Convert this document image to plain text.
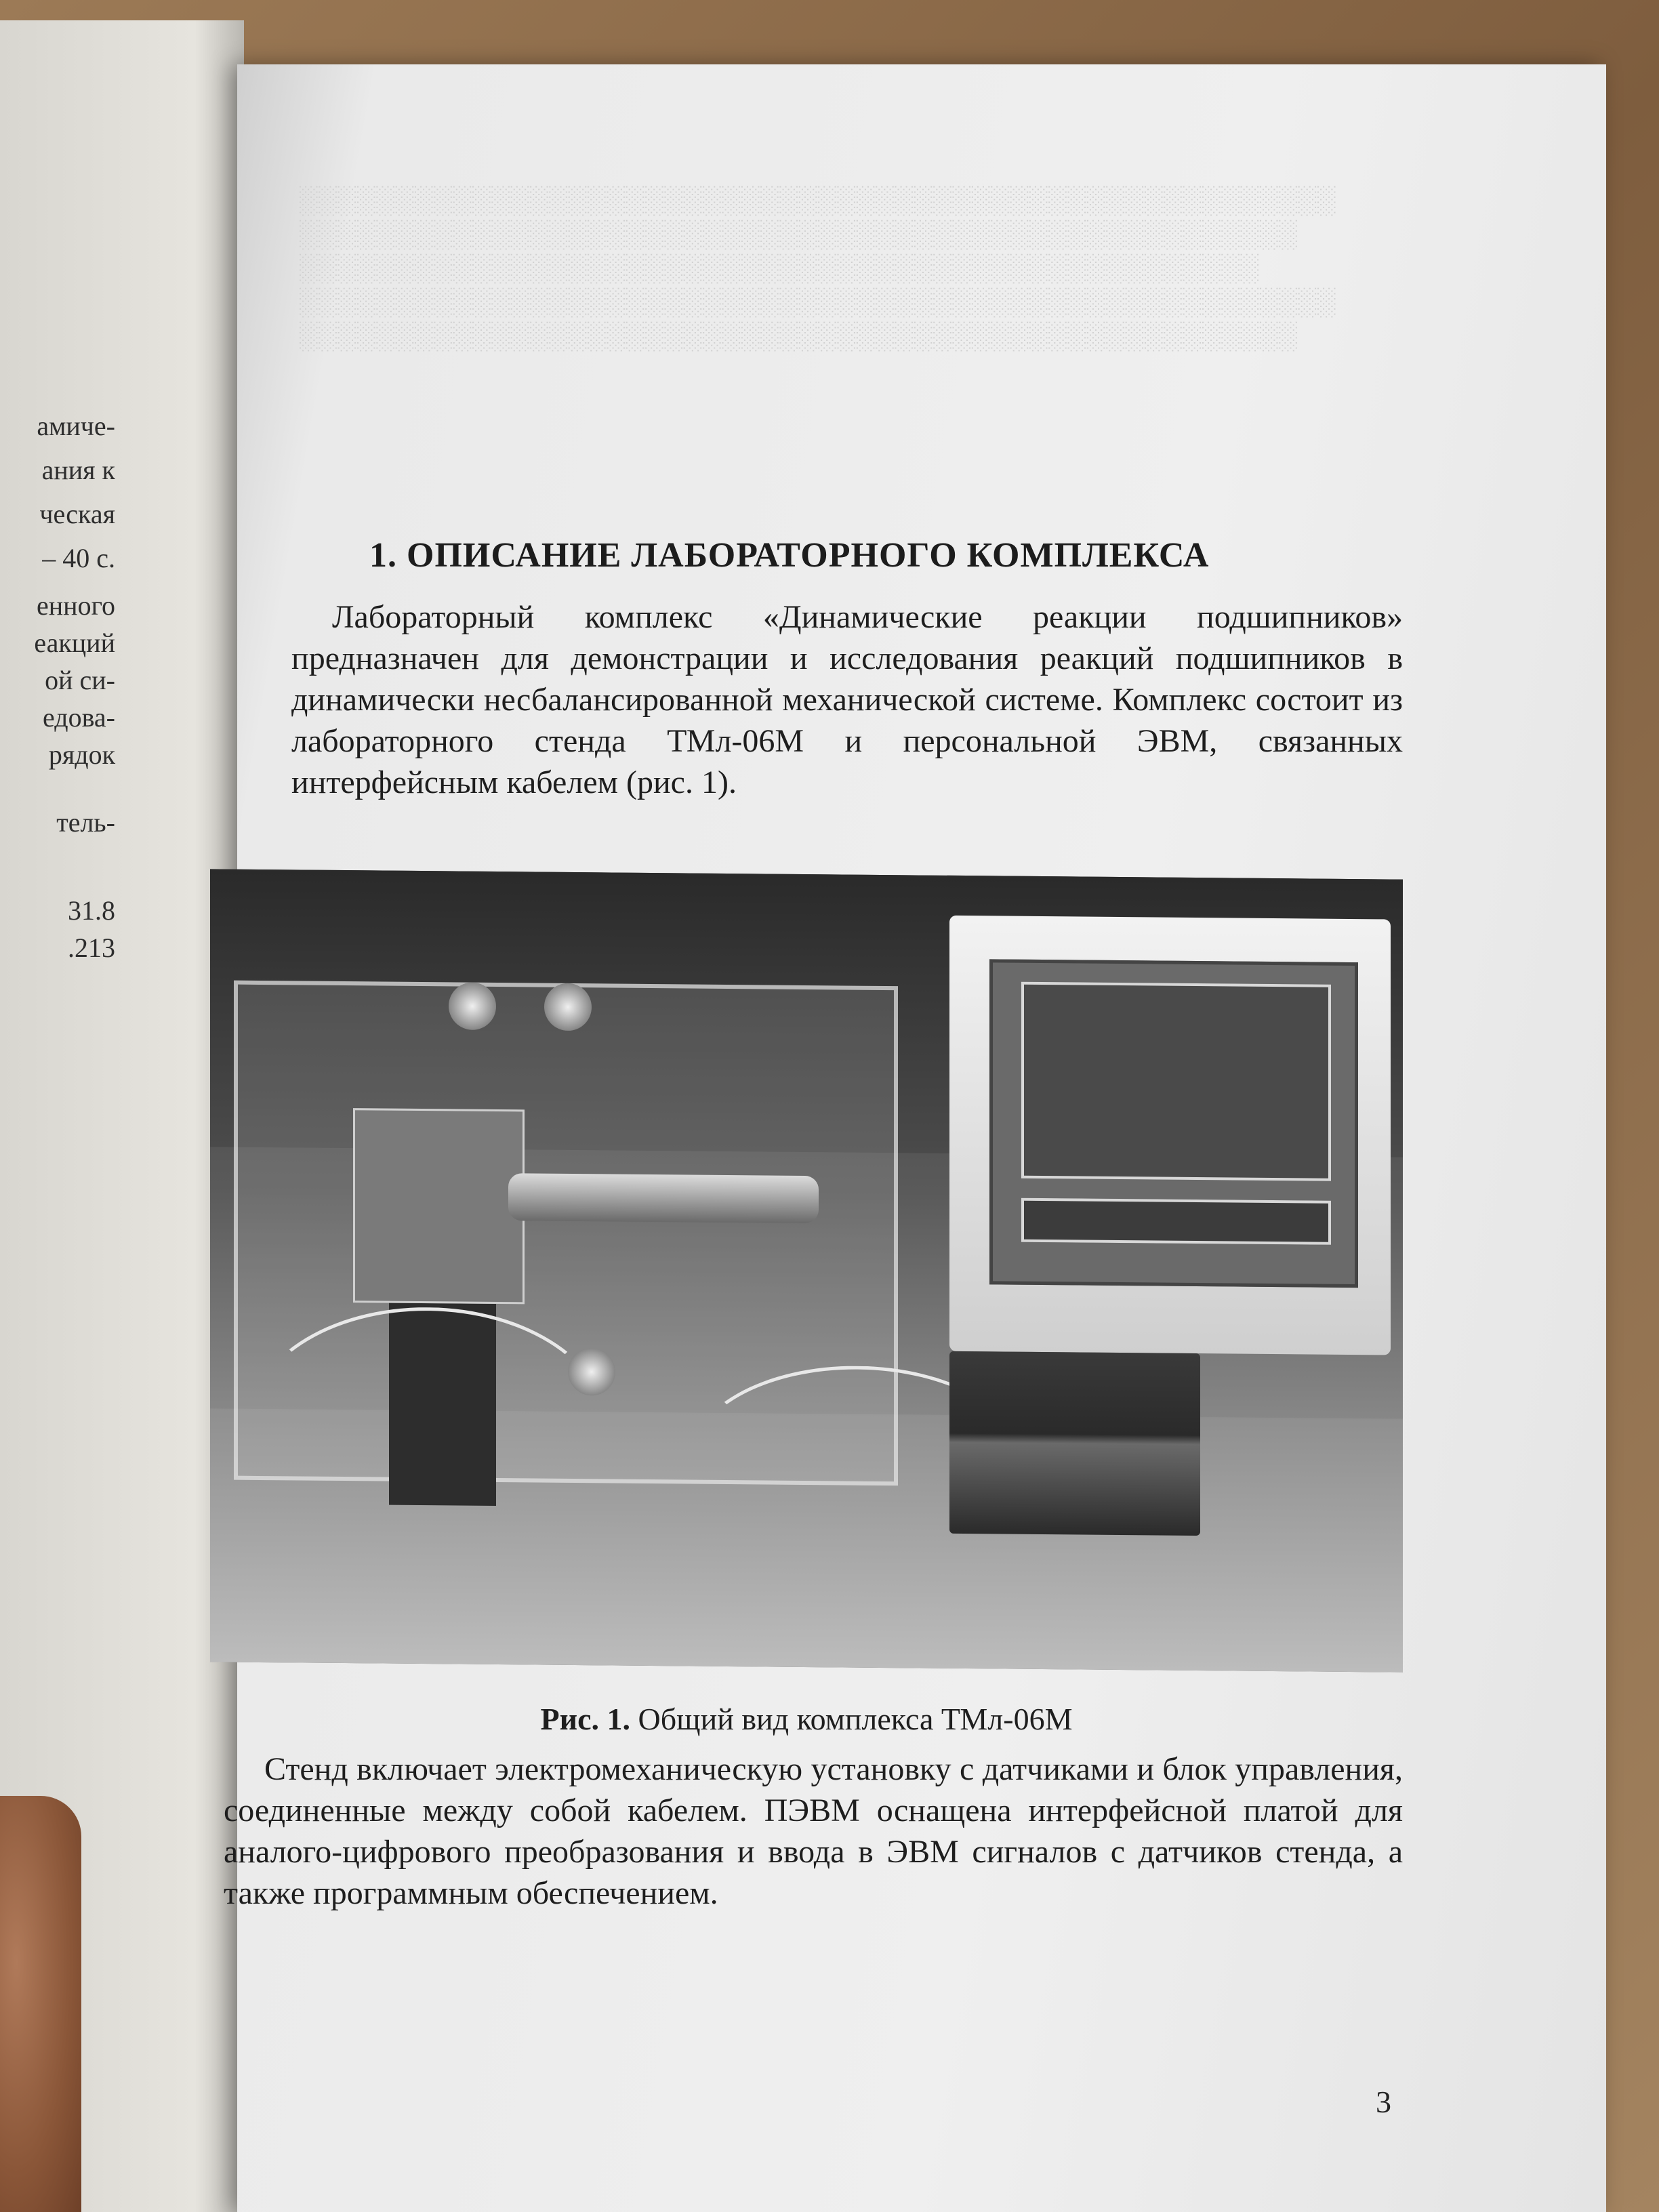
амиче-
ания к
ческая
– 40 с.
енного
еакций
ой си-
едова-
рядок
тель-
31.8
.213
░░░░░░░░░░░░░░░░░░░░░░░░░░░░░░░░░░░░░░░░░░░░░░░░░░░░░░
░░░░░░░░░░░░░░░░░░░░░░░░░░░░░░░░░░░░░░░░░░░░░░░░░░░░
░░░░░░░░░░░░░░░░░░░░░░░░░░░░░░░░░░░░░░░░░░░░░░░░░░
░░░░░░░░░░░░░░░░░░░░░░░░░░░░░░░░░░░░░░░░░░░░░░░░░░░░░░
░░░░░░░░░░░░░░░░░░░░░░░░░░░░░░░░░░░░░░░░░░░░░░░░░░░░
1. ОПИСАНИЕ ЛАБОРАТОРНОГО КОМПЛЕКСА
Лабораторный комплекс «Динамические реакции подшипников» предназначен для демонстрации и исследования реакций подшипников в динамически несбалансированной механической системе. Комплекс состоит из лабораторного стенда ТМл-06М и персональной ЭВМ, связанных интерфейсным кабелем (рис. 1).
Рис. 1. Общий вид комплекса ТМл-06М
Стенд включает электромеханическую установку с датчиками и блок управления, соединенные между собой кабелем. ПЭВМ оснащена интерфейсной платой для аналого-цифрового преобразования и ввода в ЭВМ сигналов с датчиков стенда, а также программным обеспечением.
3
